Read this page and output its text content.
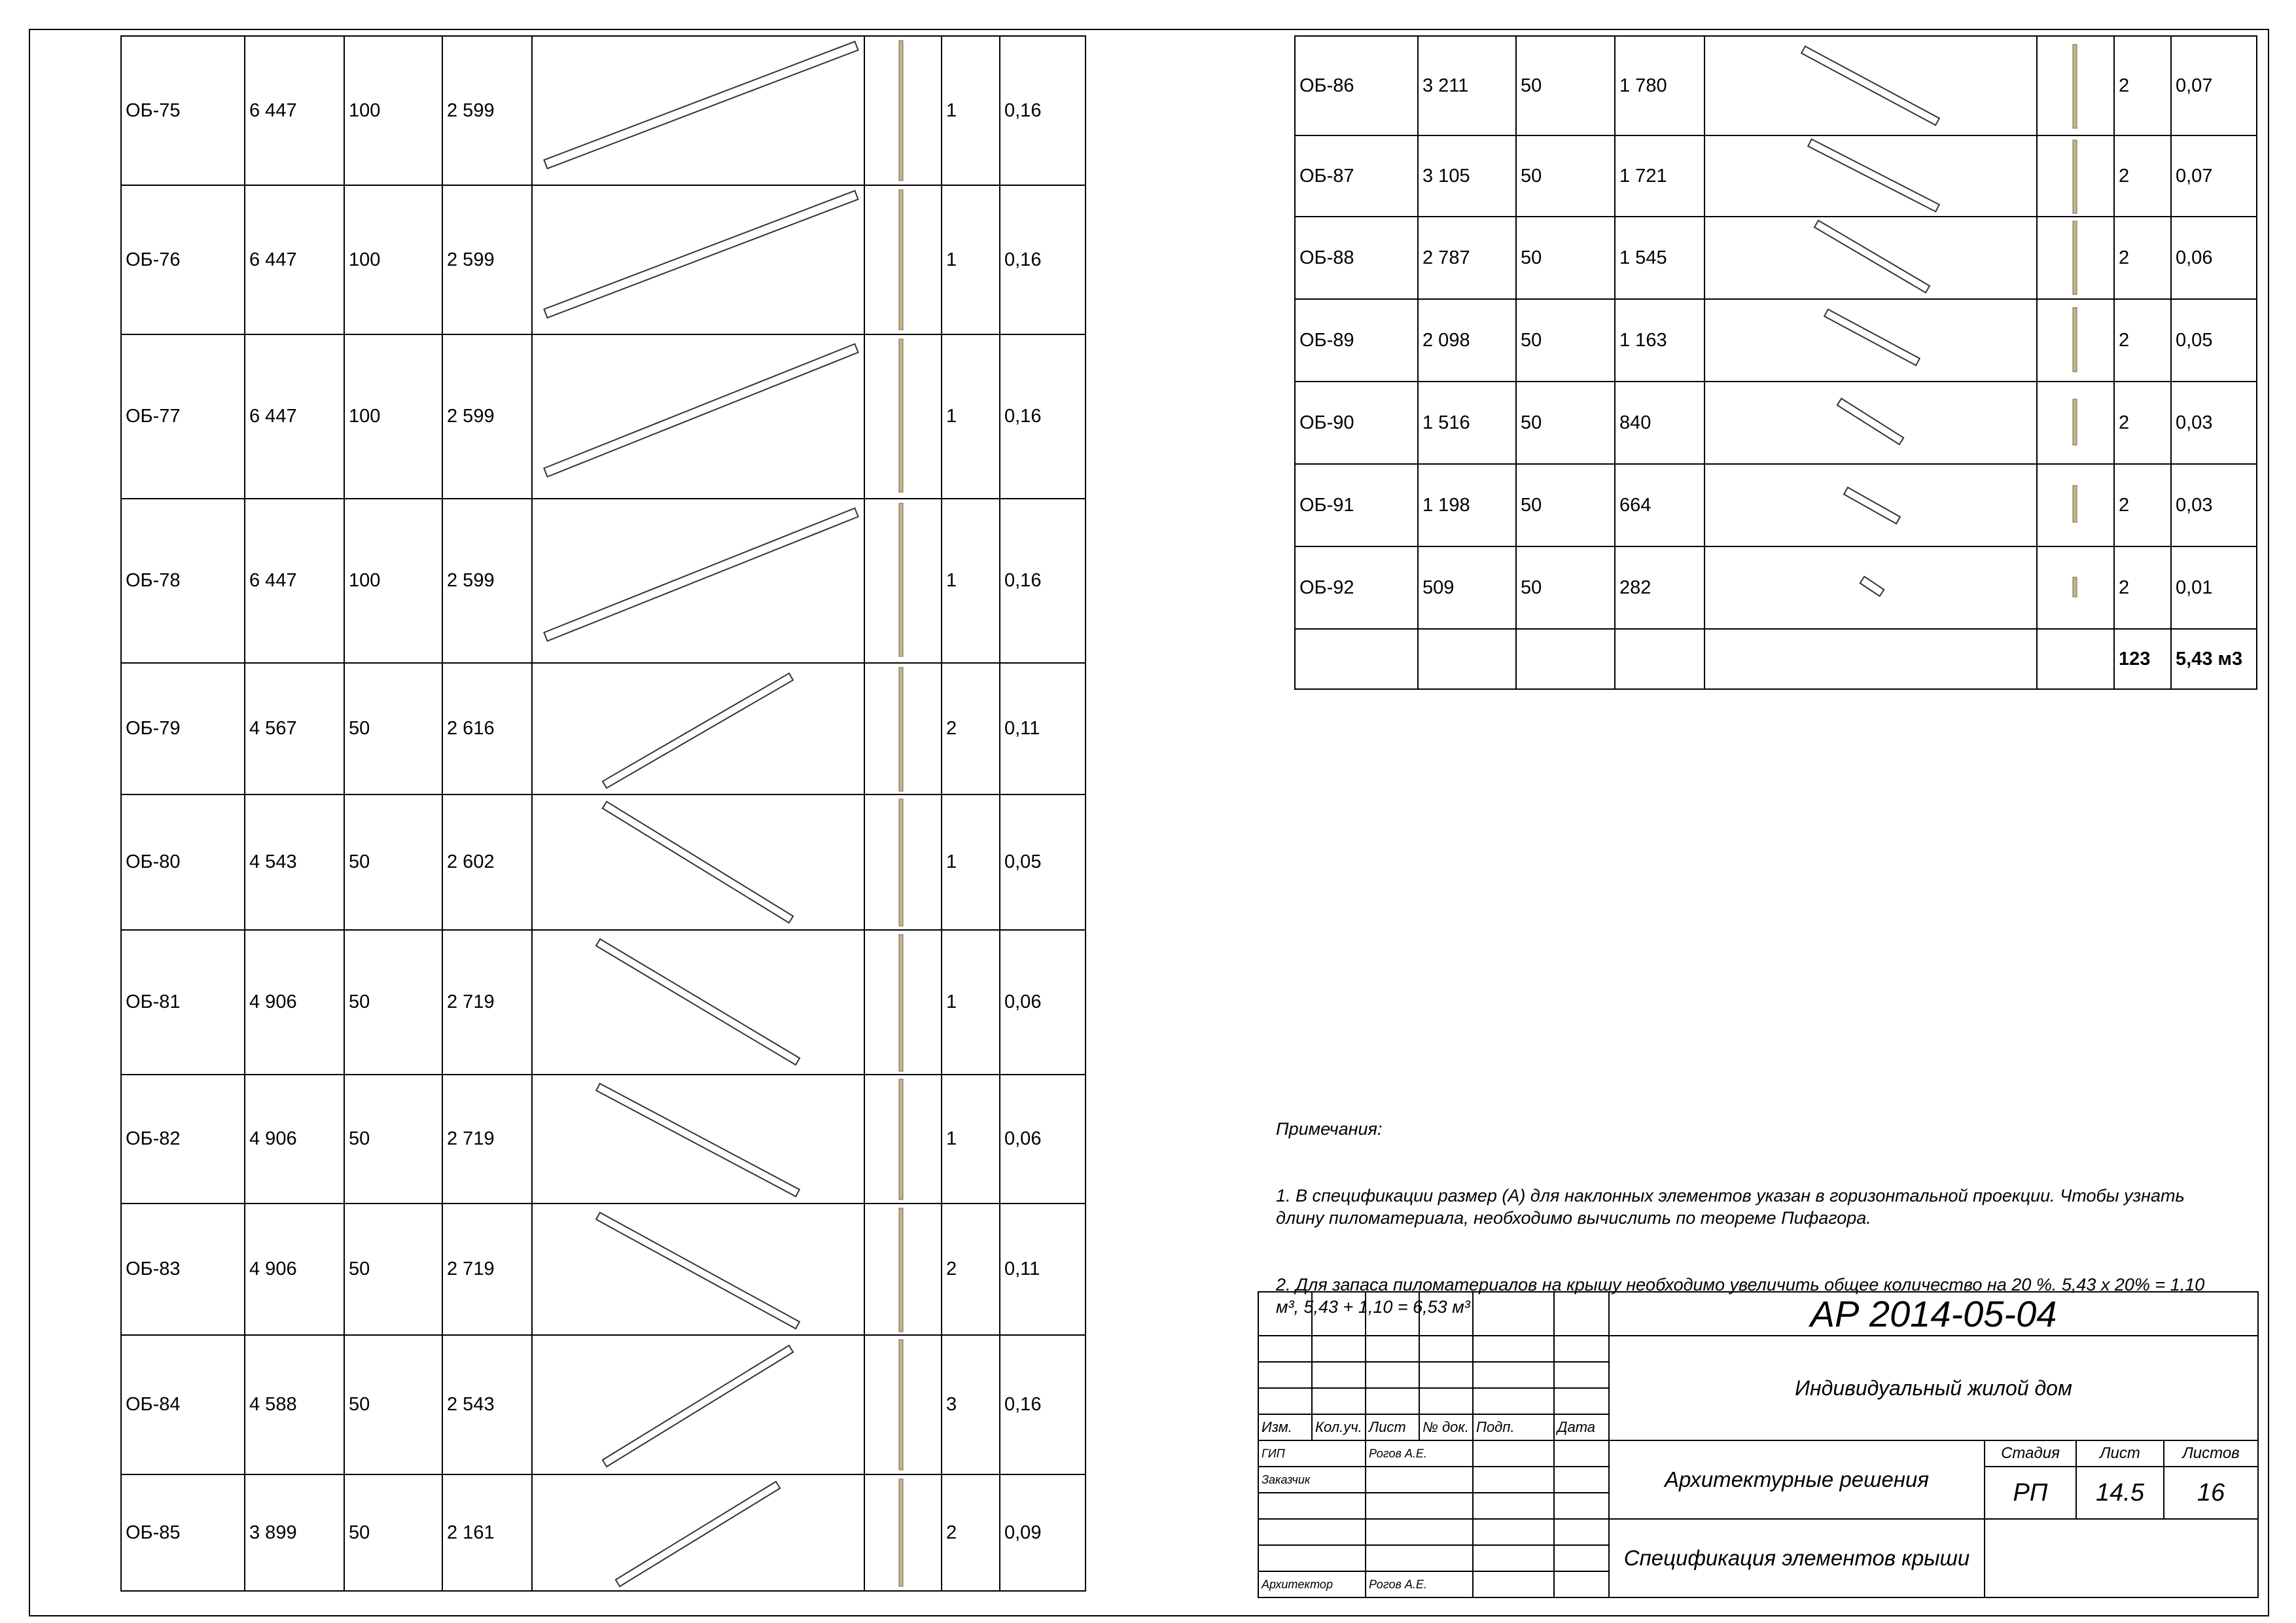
ОБ-75	6 447	100	2 599			1	0,16
ОБ-76	6 447	100	2 599			1	0,16
ОБ-77	6 447	100	2 599			1	0,16
ОБ-78	6 447	100	2 599			1	0,16
ОБ-79	4 567	50	2 616			2	0,11
ОБ-80	4 543	50	2 602			1	0,05
ОБ-81	4 906	50	2 719			1	0,06
ОБ-82	4 906	50	2 719			1	0,06
ОБ-83	4 906	50	2 719			2	0,11
ОБ-84	4 588	50	2 543			3	0,16
ОБ-85	3 899	50	2 161			2	0,09
ОБ-86	3 211	50	1 780			2	0,07
ОБ-87	3 105	50	1 721			2	0,07
ОБ-88	2 787	50	1 545			2	0,06
ОБ-89	2 098	50	1 163			2	0,05
ОБ-90	1 516	50	840			2	0,03
ОБ-91	1 198	50	664			2	0,03
ОБ-92	509	50	282			2	0,01
						123	5,43 м3

Примечания:

1. В спецификации размер (А) для наклонных элементов указан в горизонтальной проекции. Чтобы узнать длину пиломатериала, необходимо вычислить по теореме Пифагора.

2. Для запаса пиломатериалов на крышу необходимо увеличить общее количество на 20 %. 5,43 х 20% = 1,10 м³, 5,43 + 1,10 = 6,53 м³

							АР 2014-05-04			
						Индивидуальный жилой дом			

Изм.	Кол.уч.	Лист	№ док.	Подп.	Дата				
ГИП		Рогов А.Е.				Архитектурные решения	Стадия	Лист	Листов
Заказчик							РП	14.5	16

						Спецификация элементов крыши			

Архитектор		Рогов А.Е.							
